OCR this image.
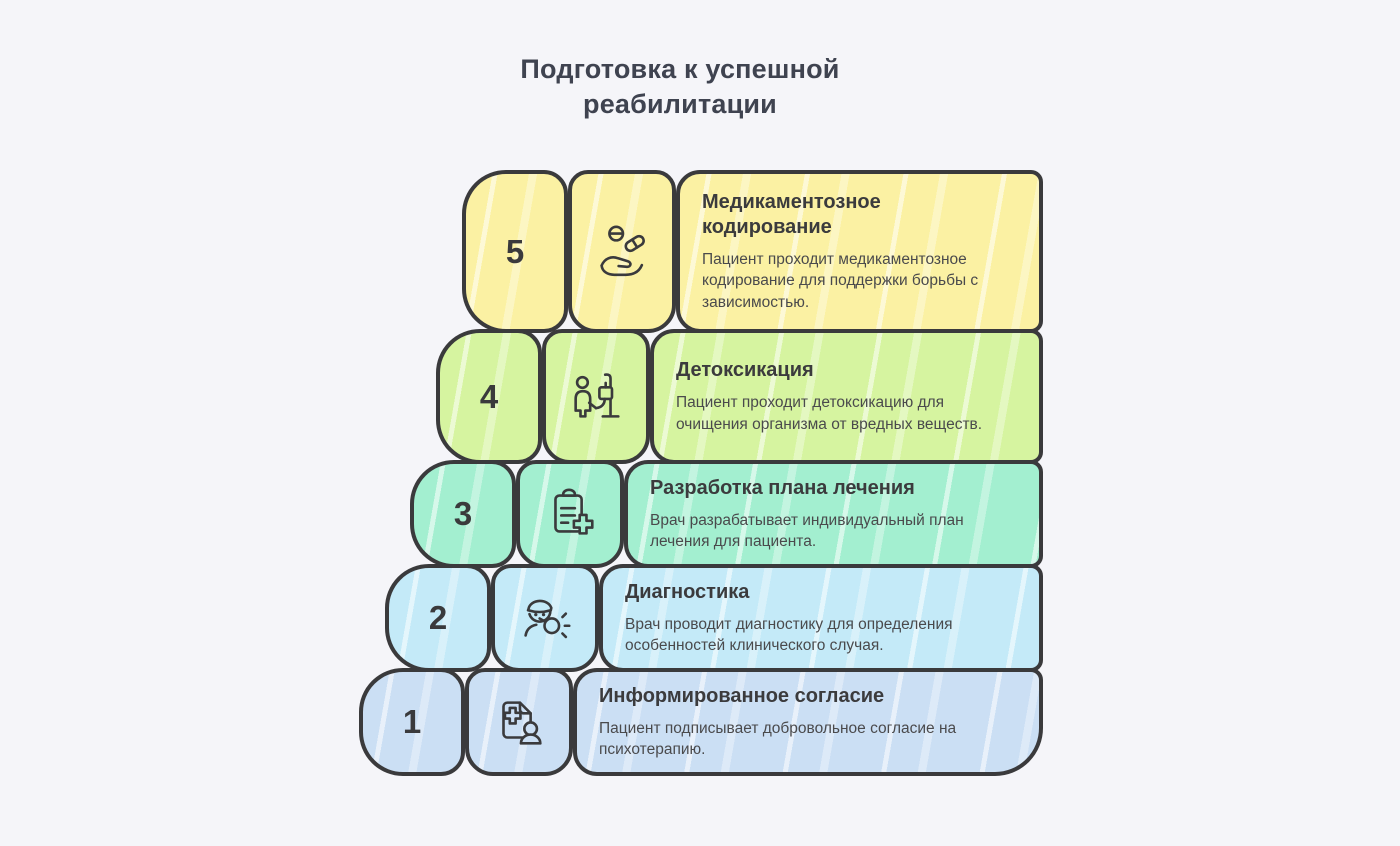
Подготовка к успешной реабилитации
5
Медикаментозное кодирование
Пациент проходит медикаментозное кодирование для поддержки борьбы с зависимостью.
4
Детоксикация
Пациент проходит детоксикацию для очищения организма от вредных веществ.
3
Разработка плана лечения
Врач разрабатывает индивидуальный план лечения для пациента.
2
Диагностика
Врач проводит диагностику для определения особенностей клинического случая.
1
Информированное согласие
Пациент подписывает добровольное согласие на психотерапию.
